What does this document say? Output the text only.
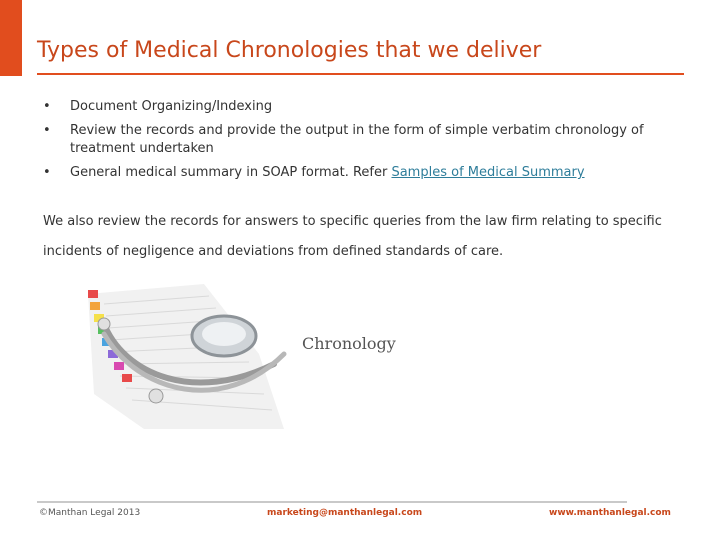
Types of Medical Chronologies that we deliver
• Document Organizing/Indexing
• Review the records and provide the output in the form of simple verbatim chronology of treatment undertaken
• General medical summary in SOAP format. Refer Samples of Medical Summary

We also review the records for answers to specific queries from the law firm relating to specific incidents of negligence and deviations from defined standards of care.

Chronology
©Manthan Legal 2013	marketing@manthanlegal.com	www.manthanlegal.com
